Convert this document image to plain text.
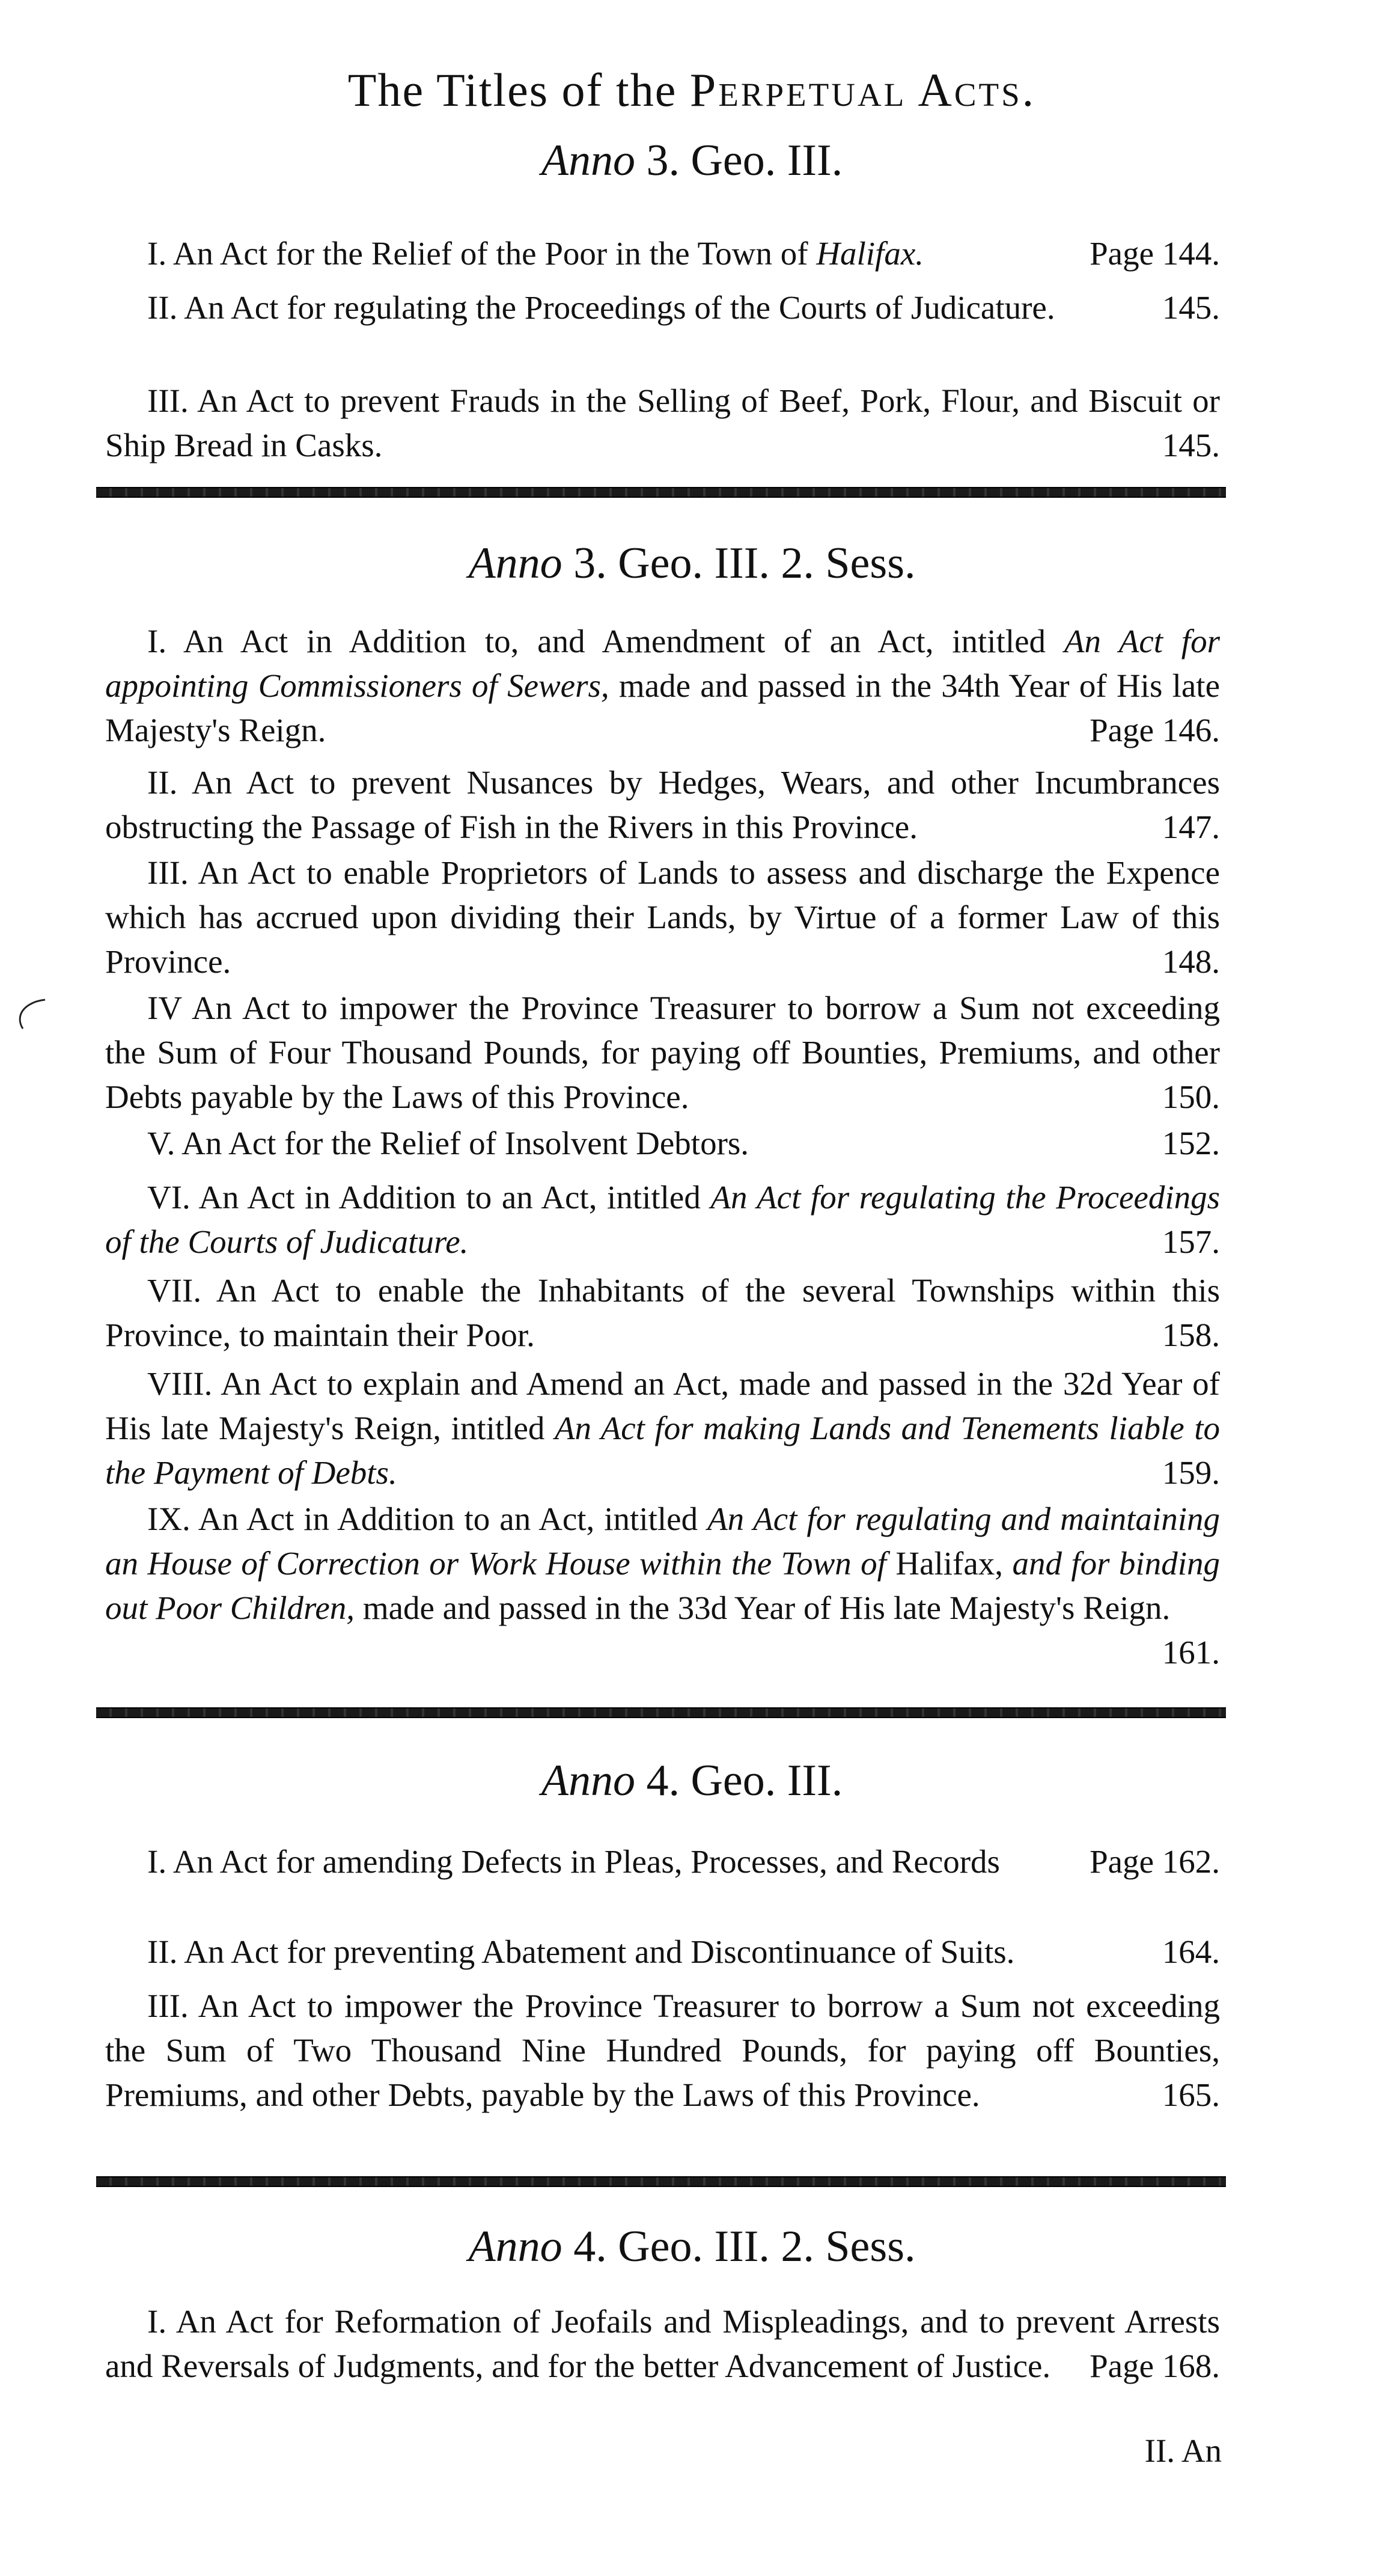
The Titles of the Perpetual Acts.
Anno 3. Geo. III.
I. An Act for the Relief of the Poor in the Town of Halifax.	Page 144.
II. An Act for regulating the Proceedings of the Courts of Judicature.	145.
III. An Act to prevent Frauds in the Selling of Beef, Pork, Flour, and Biscuit or Ship Bread in Casks.	145.
Anno 3. Geo. III. 2. Sess.
I. An Act in Addition to, and Amendment of an Act, intitled An Act for appointing Commissioners of Sewers, made and passed in the 34th Year of His late Majesty's Reign.	Page 146.
II. An Act to prevent Nusances by Hedges, Wears, and other Incumbrances obstructing the Passage of Fish in the Rivers in this Province.	147.
III. An Act to enable Proprietors of Lands to assess and discharge the Expence which has accrued upon dividing their Lands, by Virtue of a former Law of this Province.	148.
IV An Act to impower the Province Treasurer to borrow a Sum not exceeding the Sum of Four Thousand Pounds, for paying off Bounties, Premiums, and other Debts payable by the Laws of this Province.	150.
V. An Act for the Relief of Insolvent Debtors.	152.
VI. An Act in Addition to an Act, intitled An Act for regulating the Proceedings of the Courts of Judicature.	157.
VII. An Act to enable the Inhabitants of the several Townships within this Province, to maintain their Poor.	158.
VIII. An Act to explain and Amend an Act, made and passed in the 32d Year of His late Majesty's Reign, intitled An Act for making Lands and Tenements liable to the Payment of Debts.	159.
IX. An Act in Addition to an Act, intitled An Act for regulating and maintaining an House of Correction or Work House within the Town of Halifax, and for binding out Poor Children, made and passed in the 33d Year of His late Majesty's Reign.
161.
Anno 4. Geo. III.
I. An Act for amending Defects in Pleas, Processes, and Records	Page 162.
II. An Act for preventing Abatement and Discontinuance of Suits.	164.
III. An Act to impower the Province Treasurer to borrow a Sum not exceeding the Sum of Two Thousand Nine Hundred Pounds, for paying off Bounties, Premiums, and other Debts, payable by the Laws of this Province.	165.
Anno 4. Geo. III. 2. Sess.
I. An Act for Reformation of Jeofails and Mispleadings, and to prevent Arrests and Reversals of Judgments, and for the better Advancement of Justice. Page 168.
II. An
